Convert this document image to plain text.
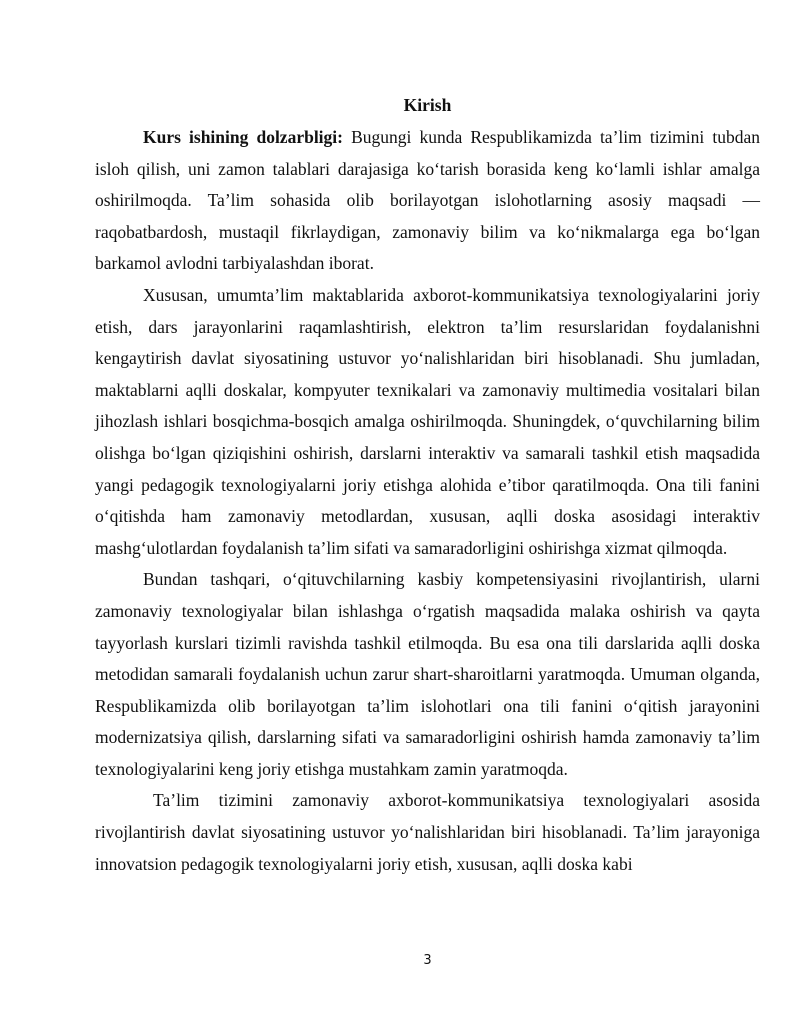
Kirish

Kurs ishining dolzarbligi: Bugungi kunda Respublikamizda ta’lim tizimini tubdan isloh qilish, uni zamon talablari darajasiga ko‘tarish borasida keng ko‘lamli ishlar amalga oshirilmoqda. Ta’lim sohasida olib borilayotgan islohotlarning asosiy maqsadi — raqobatbardosh, mustaqil fikrlaydigan, zamonaviy bilim va ko‘nikmalarga ega bo‘lgan barkamol avlodni tarbiyalashdan iborat.

Xususan, umumta’lim maktablarida axborot-kommunikatsiya texnologiyalarini joriy etish, dars jarayonlarini raqamlashtirish, elektron ta’lim resurslaridan foydalanishni kengaytirish davlat siyosatining ustuvor yo‘nalishlaridan biri hisoblanadi. Shu jumladan, maktablarni aqlli doskalar, kompyuter texnikalari va zamonaviy multimedia vositalari bilan jihozlash ishlari bosqichma-bosqich amalga oshirilmoqda. Shuningdek, o‘quvchilarning bilim olishga bo‘lgan qiziqishini oshirish, darslarni interaktiv va samarali tashkil etish maqsadida yangi pedagogik texnologiyalarni joriy etishga alohida e’tibor qaratilmoqda. Ona tili fanini o‘qitishda ham zamonaviy metodlardan, xususan, aqlli doska asosidagi interaktiv mashg‘ulotlardan foydalanish ta’lim sifati va samaradorligini oshirishga xizmat qilmoqda.

Bundan tashqari, o‘qituvchilarning kasbiy kompetensiyasini rivojlantirish, ularni zamonaviy texnologiyalar bilan ishlashga o‘rgatish maqsadida malaka oshirish va qayta tayyorlash kurslari tizimli ravishda tashkil etilmoqda. Bu esa ona tili darslarida aqlli doska metodidan samarali foydalanish uchun zarur shart-sharoitlarni yaratmoqda. Umuman olganda, Respublikamizda olib borilayotgan ta’lim islohotlari ona tili fanini o‘qitish jarayonini modernizatsiya qilish, darslarning sifati va samaradorligini oshirish hamda zamonaviy ta’lim texnologiyalarini keng joriy etishga mustahkam zamin yaratmoqda.

Ta’lim tizimini zamonaviy axborot-kommunikatsiya texnologiyalari asosida rivojlantirish davlat siyosatining ustuvor yo‘nalishlaridan biri hisoblanadi. Ta’lim jarayoniga innovatsion pedagogik texnologiyalarni joriy etish, xususan, aqlli doska kabi

3
